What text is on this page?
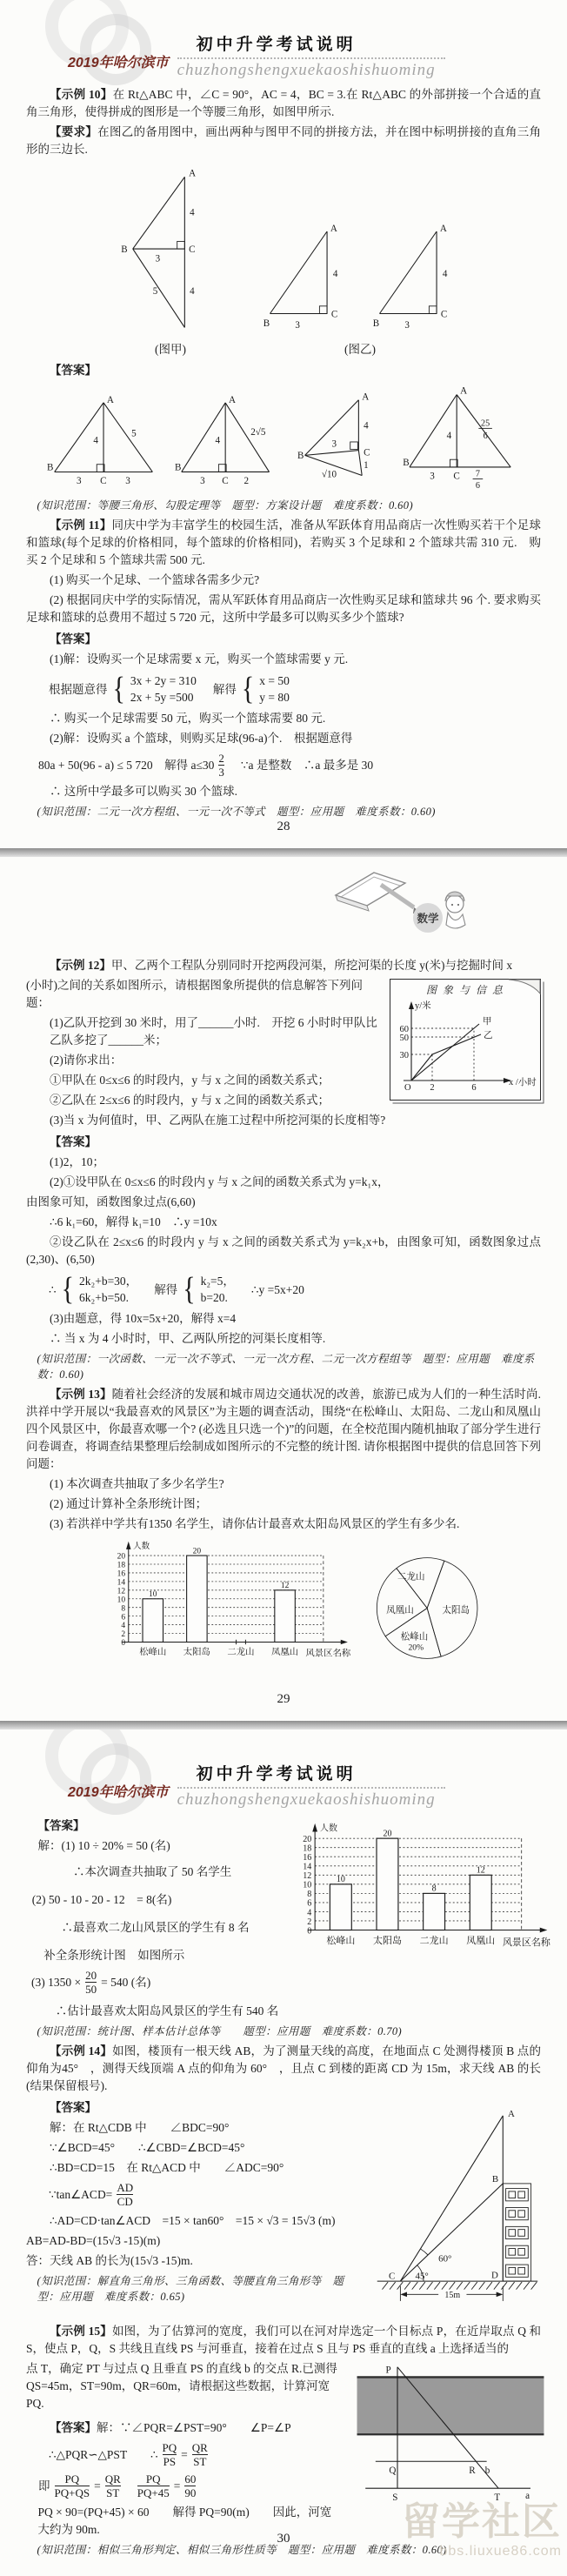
2019年哈尔滨市
初中升学考试说明
chuzhongshengxuekaoshishuoming

【示例 10】在 Rt△ABC 中，∠C = 90°，AC = 4，BC = 3.在 Rt△ABC 的外部拼接一个合适的直角三角形，使得拼成的图形是一个等腰三角形，如图甲所示.

【要求】在图乙的备用图中，画出两种与图甲不同的拼接方法，并在图中标明拼接的直角三角形的三边长.

A
4
B
3
C
5	4
(图甲)
A
4
C
B	3
A
4
C
B	3
(图乙)

【答案】

A
4
5
B
3 C 3
A
4
2√5
B
3 C 2
A
4
3
C
B
√10
1
A
4
25
6
B
3 C 7
6

(知识范围：等腰三角形、勾股定理等　题型：方案设计题　难度系数：0.60)

【示例 11】同庆中学为丰富学生的校园生活，准备从军跃体育用品商店一次性购买若干个足球和篮球(每个足球的价格相同，每个篮球的价格相同)，若购买 3 个足球和 2 个篮球共需 310 元.　购买 2 个足球和 5 个篮球共需 500 元.

(1) 购买一个足球、一个篮球各需多少元?

(2) 根据同庆中学的实际情况，需从军跃体育用品商店一次性购买足球和篮球共 96 个. 要求购买足球和篮球的总费用不超过 5 720 元，这所中学最多可以购买多少个篮球?

【答案】

(1)解：设购买一个足球需要 x 元，购买一个篮球需要 y 元.

根据题意得 { 3x + 2y = 310
2x + 5y =500
解得 { x = 50
y = 80

∴ 购买一个足球需要 50 元，购买一个篮球需要 80 元.

(2)解：设购买 a 个篮球，则购买足球(96-a)个.　根据题意得

80a + 50(96 - a) ≤ 5 720　解得 $a\le 30 \frac{2}{3}$ ∵a 是整数　∴a 最多是 30

∴ 这所中学最多可以购买 30 个篮球.

(知识范围：二元一次方程组、一元一次不等式　题型：应用题　难度系数：0.60)

28
数学

【示例 12】甲、乙两个工程队分别同时开挖两段河渠，所挖河渠的长度 y(米)与挖掘时间 x

图 象 与 信 息
y/米
60
50
30
O 2	6
x /小时
甲
乙

(小时)之间的关系如图所示，请根据图象所提供的信息解答下列问题：

(1)乙队开挖到 30 米时，用了______小时.　开挖 6 小时时甲队比乙队多挖了______米；

(2)请你求出：

①甲队在 0≤x≤6 的时段内，y 与 x 之间的函数关系式；

②乙队在 2≤x≤6 的时段内，y 与 x 之间的函数关系式；

(3)当 x 为何值时，甲、乙两队在施工过程中所挖河渠的长度相等?

【答案】

(1)2，10；

(2)①设甲队在 0≤x≤6 的时段内 y 与 x 之间的函数关系式为 y=k₁x，

由图象可知，函数图象过点(6,60)

∴6 k₁=60，解得 k₁=10　∴y =10x

②设乙队在 2≤x≤6 的时段内 y 与 x 之间的函数关系式为 y=k₂x+b，由图象可知，函数图象过点(2,30)、(6,50)

∴ { 2k₂+b=30，
6k₂+b=50.
解得 { k₂=5，
b=20.
∴y =5x+20

(3)由题意，得 10x=5x+20，解得 x=4

∴ 当 x 为 4 小时时，甲、乙两队所挖的河渠长度相等.

(知识范围：一次函数、一元一次不等式、一元一次方程、二元一次方程组等　题型：应用题　难度系数：0.60)

【示例 13】随着社会经济的发展和城市周边交通状况的改善，旅游已成为人们的一种生活时尚. 洪祥中学开展以“我最喜欢的风景区”为主题的调查活动，围绕“在松峰山、太阳岛、二龙山和凤凰山四个风景区中，你最喜欢哪一个? (必选且只选一个)”的问题，在全校范围内随机抽取了部分学生进行问卷调查，将调查结果整理后绘制成如图所示的不完整的统计图. 请你根据图中提供的信息回答下列问题：

(1) 本次调查共抽取了多少名学生?

(2) 通过计算补全条形统计图；

(3) 若洪祥中学共有1350 名学生，请你估计最喜欢太阳岛风景区的学生有多少名.

人数
20
18
16
14
12
10
8
6
4
2
0
10
20
12
松峰山 太阳岛 二龙山 凤凰山 风景区名称
二龙山
凤凰山
松峰山
20%
太阳岛
29
2019年哈尔滨市
初中升学考试说明
chuzhongshengxuekaoshishuoming
人数
20
18
16
14
12
10
8
6
4
2
0
10
20
8
12
松峰山 太阳岛 二龙山 凤凰山 风景区名称

【答案】

解：(1) 10 ÷ 20% = 50 (名)

∴本次调查共抽取了 50 名学生

(2) 50 - 10 - 20 - 12　= 8(名)

∴最喜欢二龙山风景区的学生有 8 名

补全条形统计图　如图所示

(3) $1350 \times \frac{20}{50} = 540$ (名)

∴估计最喜欢太阳岛风景区的学生有 540 名

(知识范围：统计图、样本估计总体等　　题型：应用题　难度系数：0.70)

【示例 14】如图，楼顶有一根天线 AB，为了测量天线的高度，在地面点 C 处测得楼顶 B 点的仰角为45°　，测得天线顶端 A 点的仰角为 60°　，且点 C 到楼的距离 CD 为 15m，求天线 AB 的长(结果保留根号).

60°
45°
C	D
A
B
15m

【答案】

解：在 Rt△CDB 中　　∠BDC=90°

∵∠BCD=45°　　∴∠CBD=∠BCD=45°

∴BD=CD=15　在 Rt△ACD 中　　∠ADC=90°

∵tan∠ACD= $\frac{AD}{CD}$

∴AD=CD·tan∠ACD　=15 × tan60°　=15 × √3 = 15√3 (m)

AB=AD-BD=(15√3 -15)(m)

答：天线 AB 的长为(15√3 -15)m.

(知识范围：解直角三角形、三角函数、等腰直角三角形等　题型：应用题　难度系数：0.65)

【示例 15】如图，为了估算河的宽度，我们可以在河对岸选定一个目标点 P，在近岸取点 Q 和 S，使点 P，Q，S 共线且直线 PS 与河垂直，接着在过点 S 且与 PS 垂直的直线 a 上选择适当的

P
Q	R b
S	T	a

点 T，确定 PT 与过点 Q 且垂直 PS 的直线 b 的交点 R.已测得 QS=45m，ST=90m，QR=60m，请根据这些数据，计算河宽 PQ.

【答案】解：∵∠PQR=∠PST=90°　　∠P=∠P

∴△PQR∽△PST　　∴ $\frac{PQ}{PS} = \frac{QR}{ST}$
即 $\frac{PQ}{PQ+QS} = \frac{QR}{ST} \frac{PQ}{PQ+45} = \frac{60}{90}$

PQ × 90=(PQ+45) × 60　　解得 PQ=90(m)　　因此，河宽大约为 90m.

(知识范围：相似三角形判定、相似三角形性质等　题型：应用题　难度系数：0.60)

留学社区
bbs.liuxue86.com
30
